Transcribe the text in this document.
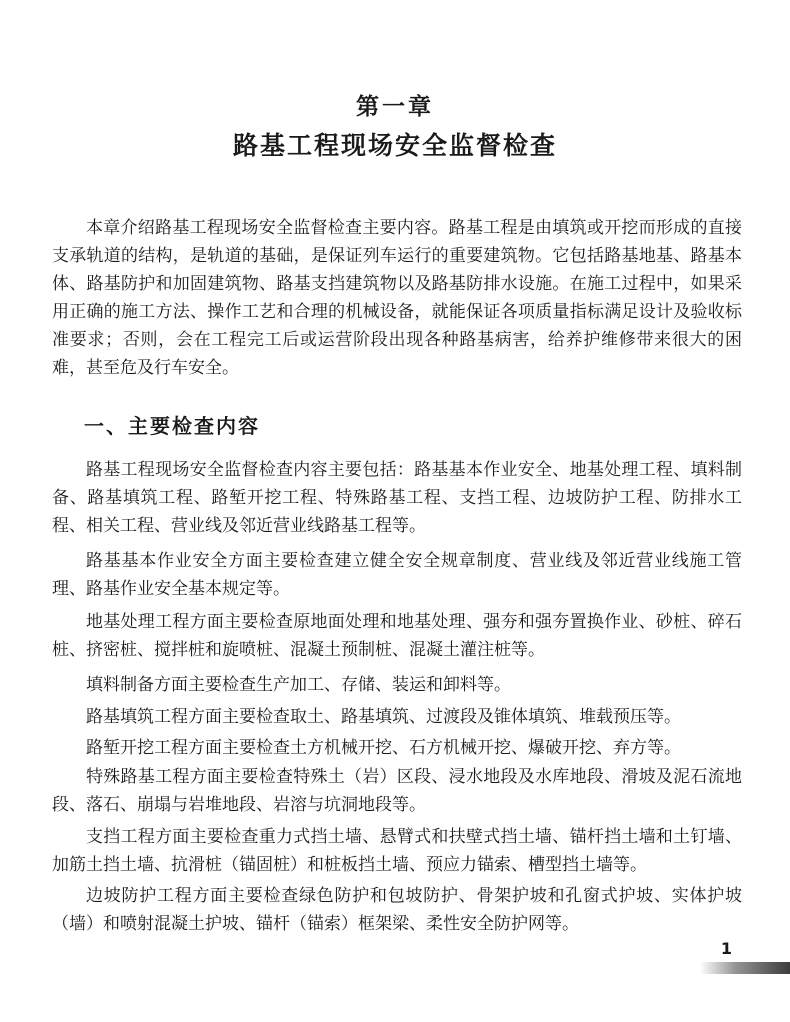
第一章
路基工程现场安全监督检查

本章介绍路基工程现场安全监督检查主要内容。路基工程是由填筑或开挖而形成的直接支承轨道的结构，是轨道的基础，是保证列车运行的重要建筑物。它包括路基地基、路基本体、路基防护和加固建筑物、路基支挡建筑物以及路基防排水设施。在施工过程中，如果采用正确的施工方法、操作工艺和合理的机械设备，就能保证各项质量指标满足设计及验收标准要求；否则，会在工程完工后或运营阶段出现各种路基病害，给养护维修带来很大的困难，甚至危及行车安全。

一、主要检查内容

路基工程现场安全监督检查内容主要包括：路基基本作业安全、地基处理工程、填料制备、路基填筑工程、路堑开挖工程、特殊路基工程、支挡工程、边坡防护工程、防排水工程、相关工程、营业线及邻近营业线路基工程等。

路基基本作业安全方面主要检查建立健全安全规章制度、营业线及邻近营业线施工管理、路基作业安全基本规定等。

地基处理工程方面主要检查原地面处理和地基处理、强夯和强夯置换作业、砂桩、碎石桩、挤密桩、搅拌桩和旋喷桩、混凝土预制桩、混凝土灌注桩等。

填料制备方面主要检查生产加工、存储、装运和卸料等。

路基填筑工程方面主要检查取土、路基填筑、过渡段及锥体填筑、堆载预压等。

路堑开挖工程方面主要检查土方机械开挖、石方机械开挖、爆破开挖、弃方等。

特殊路基工程方面主要检查特殊土（岩）区段、浸水地段及水库地段、滑坡及泥石流地段、落石、崩塌与岩堆地段、岩溶与坑洞地段等。

支挡工程方面主要检查重力式挡土墙、悬臂式和扶壁式挡土墙、锚杆挡土墙和土钉墙、加筋土挡土墙、抗滑桩（锚固桩）和桩板挡土墙、预应力锚索、槽型挡土墙等。

边坡防护工程方面主要检查绿色防护和包坡防护、骨架护坡和孔窗式护坡、实体护坡（墙）和喷射混凝土护坡、锚杆（锚索）框架梁、柔性安全防护网等。

1
